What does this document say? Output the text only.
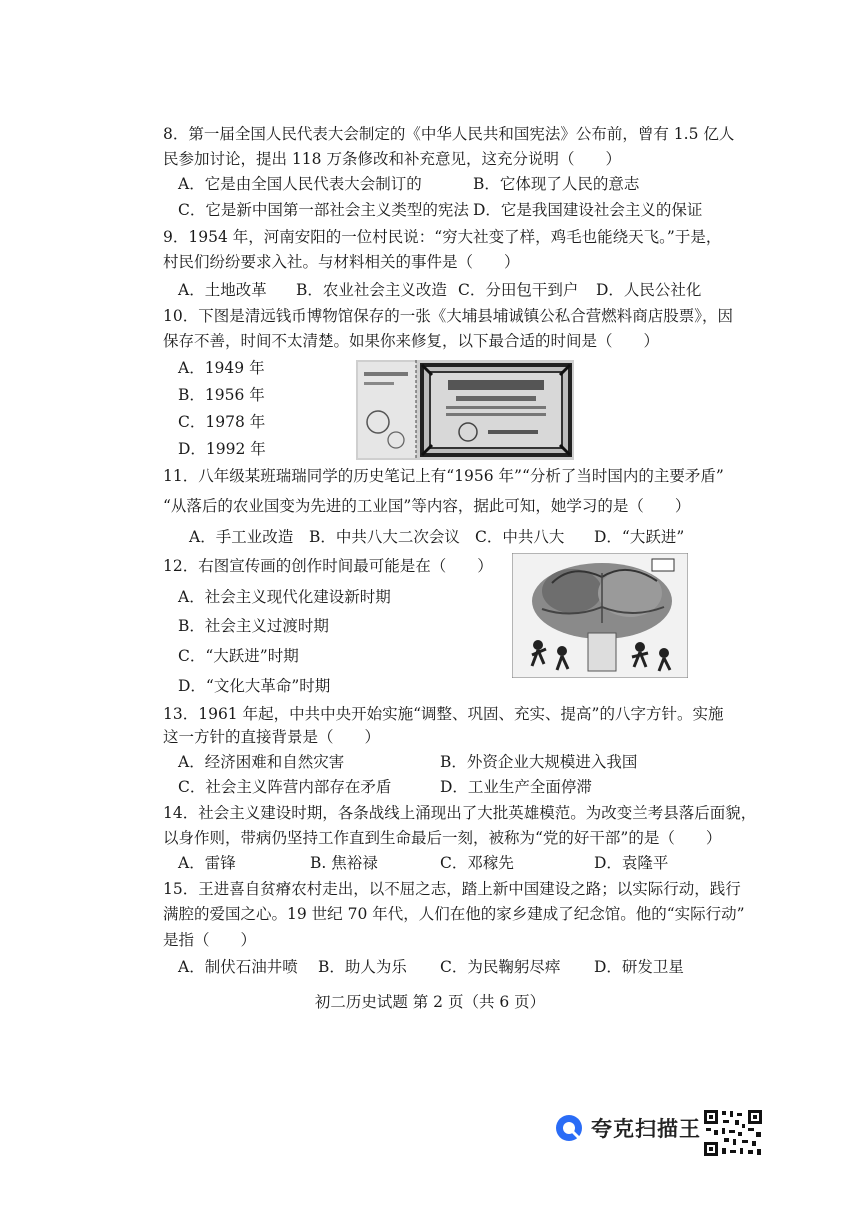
8．第一届全国人民代表大会制定的《中华人民共和国宪法》公布前，曾有 1.5 亿人
民参加讨论，提出 118 万条修改和补充意见，这充分说明（　　）
A．它是由全国人民代表大会制订的	B．它体现了人民的意志
C．它是新中国第一部社会主义类型的宪法 D．它是我国建设社会主义的保证
9．1954 年，河南安阳的一位村民说：“穷大社变了样，鸡毛也能绕天飞。”于是，
村民们纷纷要求入社。与材料相关的事件是（　　）
A．土地改革 B．农业社会主义改造 C．分田包干到户 D．人民公社化
10．下图是清远钱币博物馆保存的一张《大埔县埔诚镇公私合营燃料商店股票》，因
保存不善，时间不太清楚。如果你来修复，以下最合适的时间是（　　）
A．1949 年
B．1956 年
C．1978 年
D．1992 年
11．八年级某班瑞瑞同学的历史笔记上有“1956 年”“分析了当时国内的主要矛盾”
“从落后的农业国变为先进的工业国”等内容，据此可知，她学习的是（　　）
A．手工业改造 B．中共八大二次会议 C．中共八大 D．“大跃进”
12．右图宣传画的创作时间最可能是在（　　）
A．社会主义现代化建设新时期
B．社会主义过渡时期
C．“大跃进”时期
D．“文化大革命”时期
13．1961 年起，中共中央开始实施“调整、巩固、充实、提高”的八字方针。实施
这一方针的直接背景是（　　）
A．经济困难和自然灾害	B．外资企业大规模进入我国
C．社会主义阵营内部存在矛盾	D．工业生产全面停滞
14．社会主义建设时期，各条战线上涌现出了大批英雄模范。为改变兰考县落后面貌，
以身作则，带病仍坚持工作直到生命最后一刻，被称为“党的好干部”的是（　　）
A．雷锋	B. 焦裕禄	C．邓稼先	D．袁隆平
15．王进喜自贫瘠农村走出，以不屈之志，踏上新中国建设之路；以实际行动，践行
满腔的爱国之心。19 世纪 70 年代，人们在他的家乡建成了纪念馆。他的“实际行动”
是指（　　）
A．制伏石油井喷 B．助人为乐 C．为民鞠躬尽瘁 D．研发卫星
初二历史试题 第 2 页（共 6 页）
夸克扫描王
